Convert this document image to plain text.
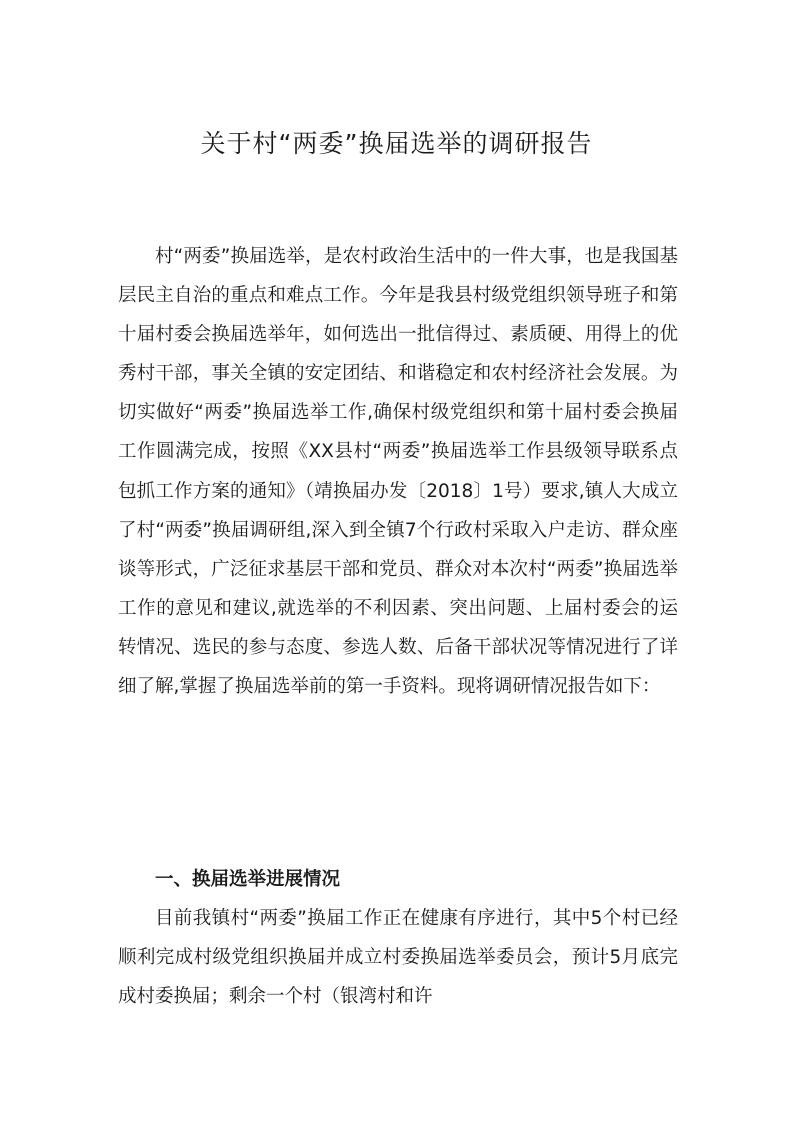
关于村“两委”换届选举的调研报告

村“两委”换届选举，是农村政治生活中的一件大事，也是我国基层民主自治的重点和难点工作。今年是我县村级党组织领导班子和第十届村委会换届选举年，如何选出一批信得过、素质硬、用得上的优秀村干部，事关全镇的安定团结、和谐稳定和农村经济社会发展。为切实做好“两委”换届选举工作,确保村级党组织和第十届村委会换届工作圆满完成，按照《XX县村“两委”换届选举工作县级领导联系点包抓工作方案的通知》（靖换届办发〔2018〕1号）要求,镇人大成立了村“两委”换届调研组,深入到全镇7个行政村采取入户走访、群众座谈等形式，广泛征求基层干部和党员、群众对本次村“两委”换届选举工作的意见和建议,就选举的不利因素、突出问题、上届村委会的运转情况、选民的参与态度、参选人数、后备干部状况等情况进行了详细了解,掌握了换届选举前的第一手资料。现将调研情况报告如下：

一、换届选举进展情况

目前我镇村“两委”换届工作正在健康有序进行，其中5个村已经顺利完成村级党组织换届并成立村委换届选举委员会，预计5月底完成村委换届；剩余一个村（银湾村和许
